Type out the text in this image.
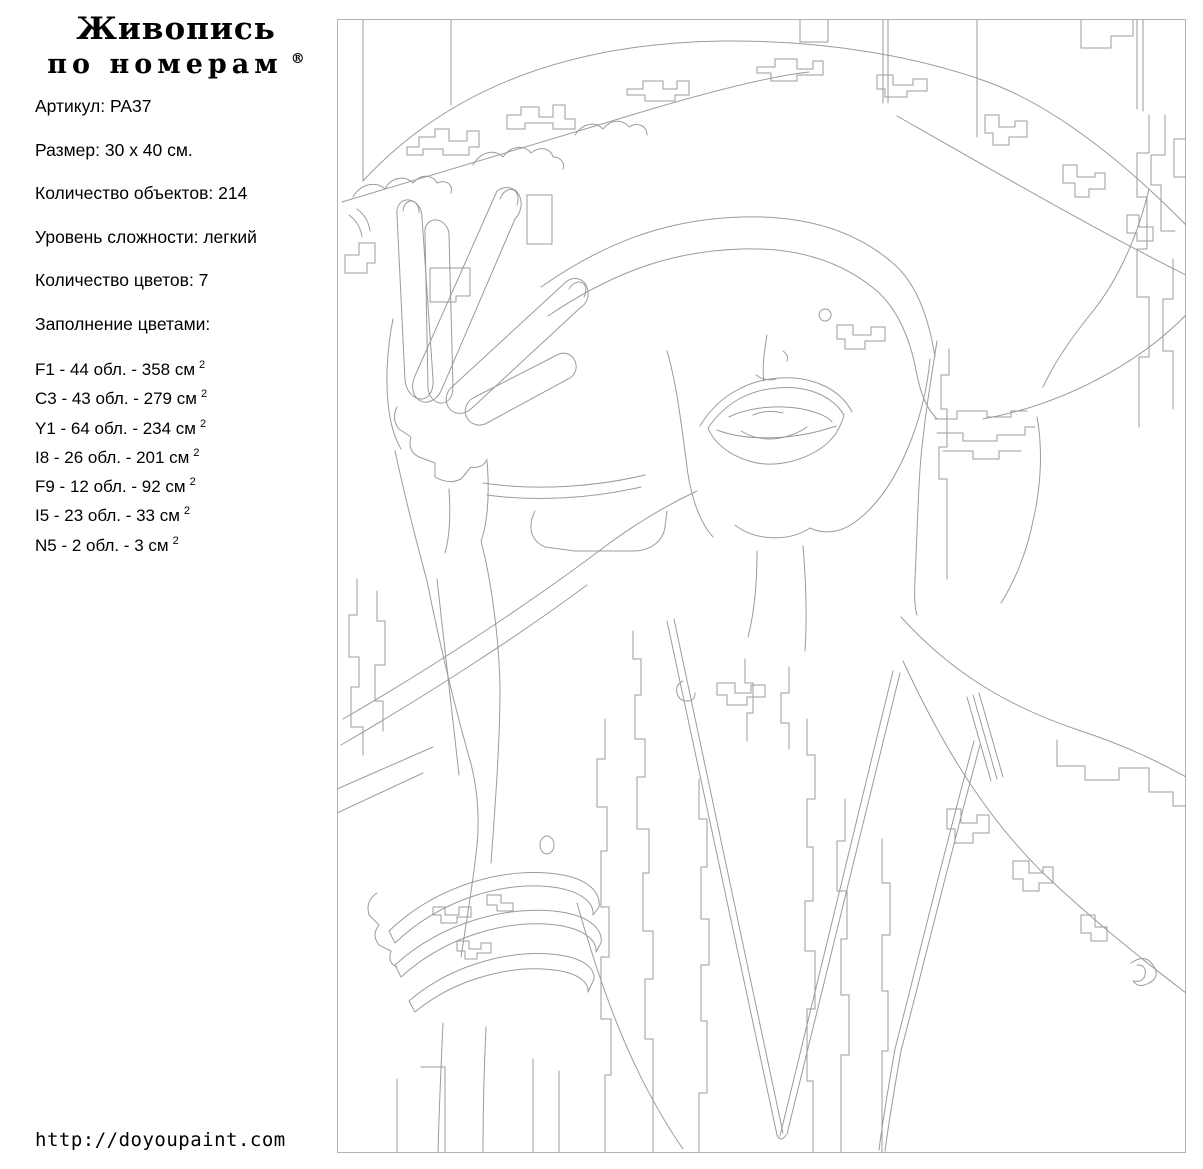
Живопись
по номерам ®
Артикул: PA37
Размер: 30 х 40 см.
Количество объектов: 214
Уровень сложности: легкий
Количество цветов: 7
Заполнение цветами:
F1 - 44 обл. - 358 см $^2$
C3 - 43 обл. - 279 см $^2$
Y1 - 64 обл. - 234 см $^2$
I8 - 26 обл. - 201 см $^2$
F9 - 12 обл. - 92 см $^2$
I5 - 23 обл. - 33 см $^2$
N5 - 2 обл. - 3 см $^2$
http://doyoupaint.com
